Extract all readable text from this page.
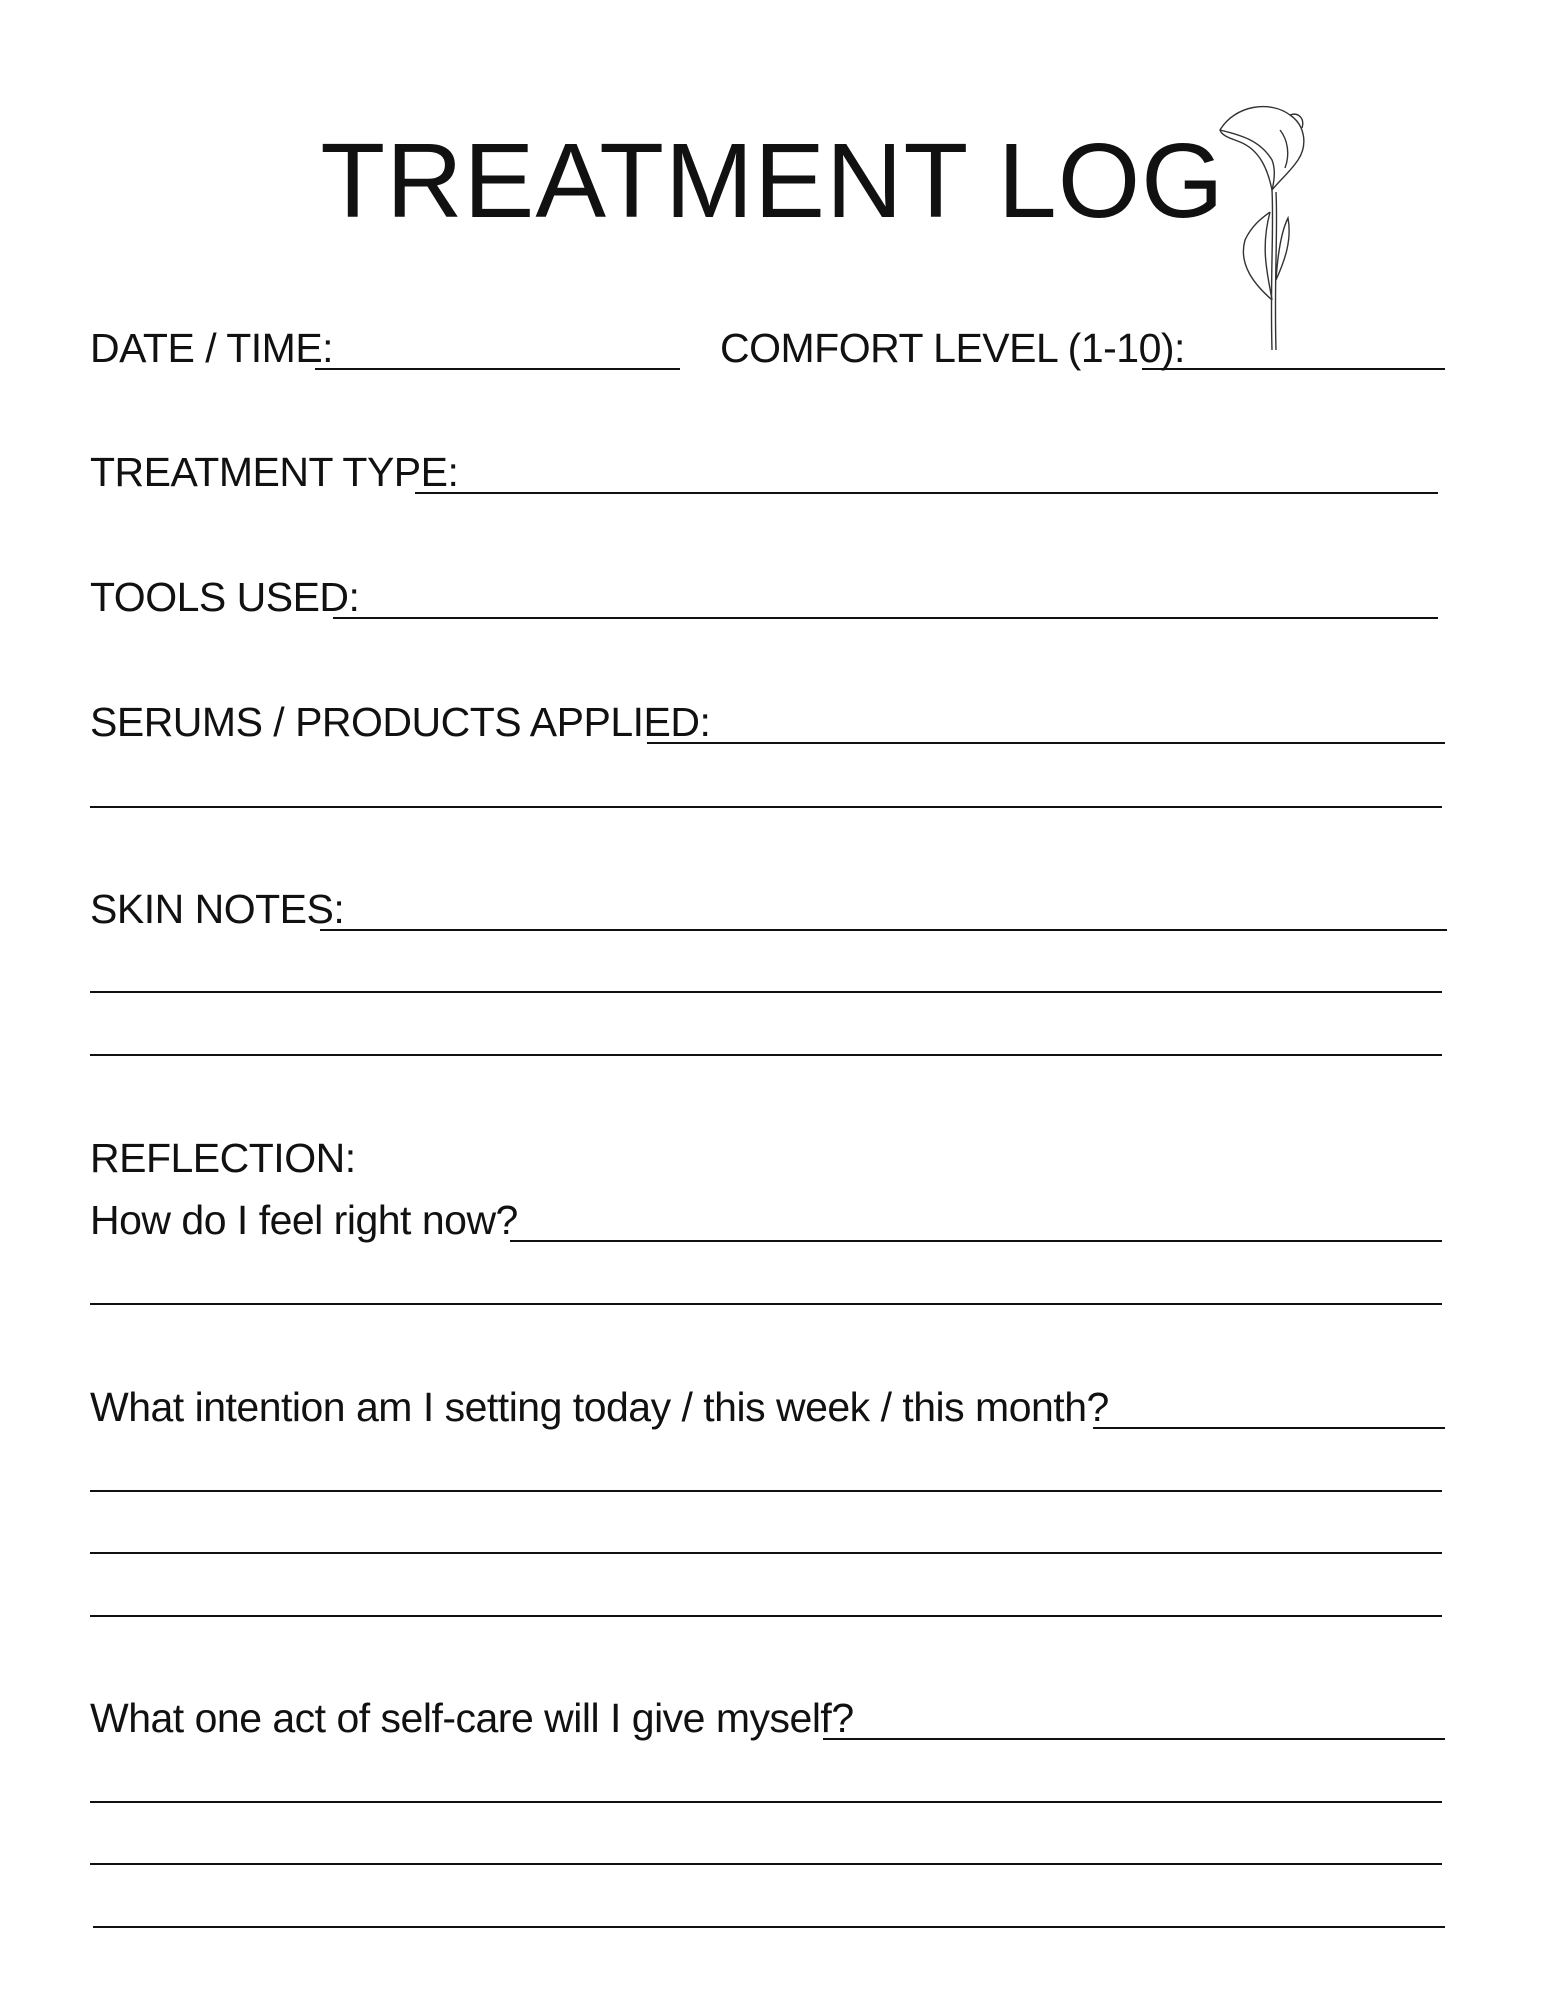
TREATMENT LOG
DATE / TIME:	COMFORT LEVEL (1-10):
TREATMENT TYPE:
TOOLS USED:
SERUMS / PRODUCTS APPLIED:
SKIN NOTES:
REFLECTION:
How do I feel right now?
What intention am I setting today / this week / this month?
What one act of self-care will I give myself?
